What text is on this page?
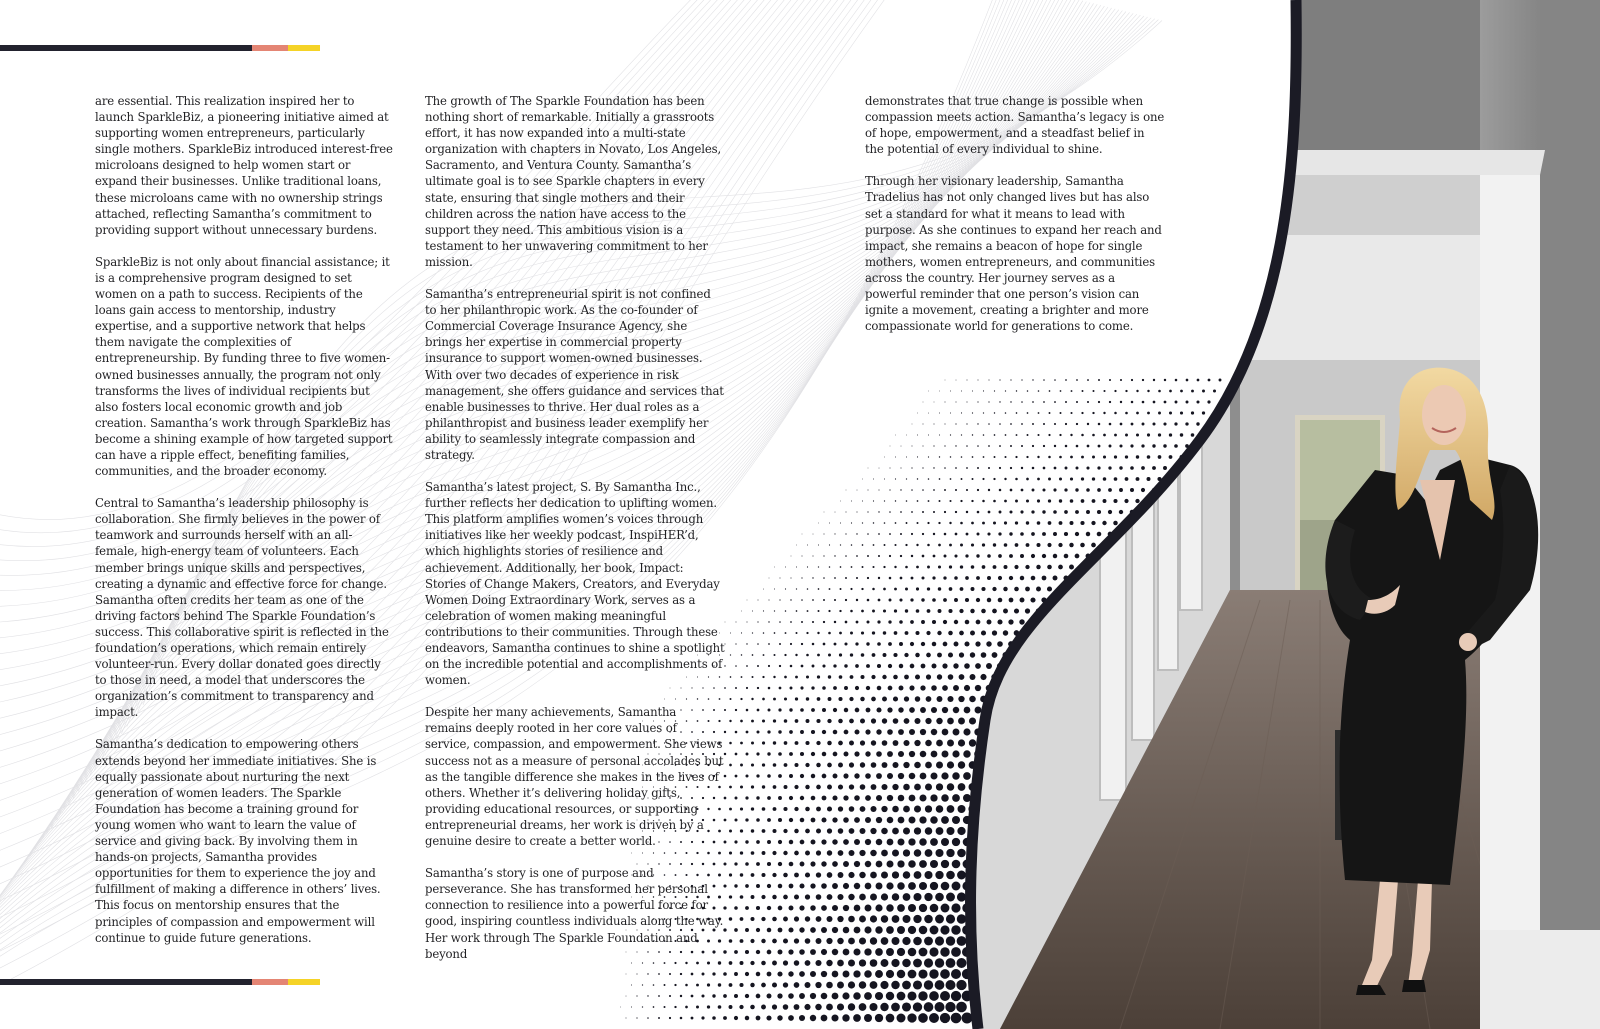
are essential. This realization inspired her to launch SparkleBiz, a pioneering initiative aimed at supporting women entrepreneurs, particularly single mothers. SparkleBiz introduced interest-free microloans designed to help women start or expand their businesses. Unlike traditional loans, these microloans came with no ownership strings attached, reflecting Samantha’s commitment to providing support without unnecessary burdens.

SparkleBiz is not only about financial assistance; it is a comprehensive program designed to set women on a path to success. Recipients of the loans gain access to mentorship, industry expertise, and a supportive network that helps them navigate the complexities of entrepreneurship. By funding three to five women-owned businesses annually, the program not only transforms the lives of individual recipients but also fosters local economic growth and job creation. Samantha’s work through SparkleBiz has become a shining example of how targeted support can have a ripple effect, benefiting families, communities, and the broader economy.

Central to Samantha’s leadership philosophy is collaboration. She firmly believes in the power of teamwork and surrounds herself with an all-female, high-energy team of volunteers. Each member brings unique skills and perspectives, creating a dynamic and effective force for change. Samantha often credits her team as one of the driving factors behind The Sparkle Foundation’s success. This collaborative spirit is reflected in the foundation’s operations, which remain entirely volunteer-run. Every dollar donated goes directly to those in need, a model that underscores the organization’s commitment to transparency and impact.

Samantha’s dedication to empowering others extends beyond her immediate initiatives. She is equally passionate about nurturing the next generation of women leaders. The Sparkle Foundation has become a training ground for young women who want to learn the value of service and giving back. By involving them in hands-on projects, Samantha provides opportunities for them to experience the joy and fulfillment of making a difference in others’ lives. This focus on mentorship ensures that the principles of compassion and empowerment will continue to guide future generations.

The growth of The Sparkle Foundation has been nothing short of remarkable. Initially a grassroots effort, it has now expanded into a multi-state organization with chapters in Novato, Los Angeles, Sacramento, and Ventura County. Samantha’s ultimate goal is to see Sparkle chapters in every state, ensuring that single mothers and their children across the nation have access to the support they need. This ambitious vision is a testament to her unwavering commitment to her mission.

Samantha’s entrepreneurial spirit is not confined to her philanthropic work. As the co-founder of Commercial Coverage Insurance Agency, she brings her expertise in commercial property insurance to support women-owned businesses. With over two decades of experience in risk management, she offers guidance and services that enable businesses to thrive. Her dual roles as a philanthropist and business leader exemplify her ability to seamlessly integrate compassion and strategy.

Samantha’s latest project, S. By Samantha Inc., further reflects her dedication to uplifting women. This platform amplifies women’s voices through initiatives like her weekly podcast, InspiHER’d, which highlights stories of resilience and achievement. Additionally, her book, Impact: Stories of Change Makers, Creators, and Everyday Women Doing Extraordinary Work, serves as a celebration of women making meaningful contributions to their communities. Through these endeavors, Samantha continues to shine a spotlight on the incredible potential and accomplishments of women.

Despite her many achievements, Samantha remains deeply rooted in her core values of service, compassion, and empowerment. She views success not as a measure of personal accolades but as the tangible difference she makes in the lives of others. Whether it’s delivering holiday gifts, providing educational resources, or supporting entrepreneurial dreams, her work is driven by a genuine desire to create a better world.

Samantha’s story is one of purpose and perseverance. She has transformed her personal connection to resilience into a powerful force for good, inspiring countless individuals along the way. Her work through The Sparkle Foundation and beyond

demonstrates that true change is possible when compassion meets action. Samantha’s legacy is one of hope, empowerment, and a steadfast belief in the potential of every individual to shine.

Through her visionary leadership, Samantha Tradelius has not only changed lives but has also set a standard for what it means to lead with purpose. As she continues to expand her reach and impact, she remains a beacon of hope for single mothers, women entrepreneurs, and communities across the country. Her journey serves as a powerful reminder that one person’s vision can ignite a movement, creating a brighter and more compassionate world for generations to come.
